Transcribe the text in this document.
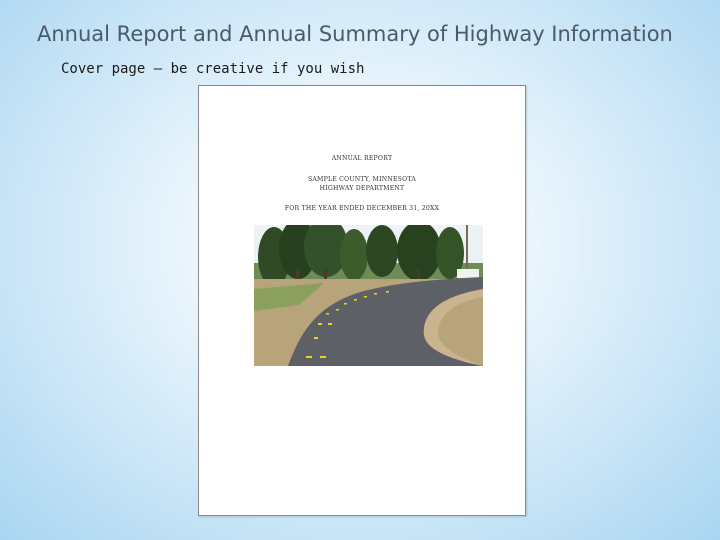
Annual Report and Annual Summary of Highway Information
Cover page – be creative if you wish
ANNUAL REPORT
SAMPLE COUNTY, MINNESOTA
HIGHWAY DEPARTMENT
FOR THE YEAR ENDED DECEMBER 31, 20XX
